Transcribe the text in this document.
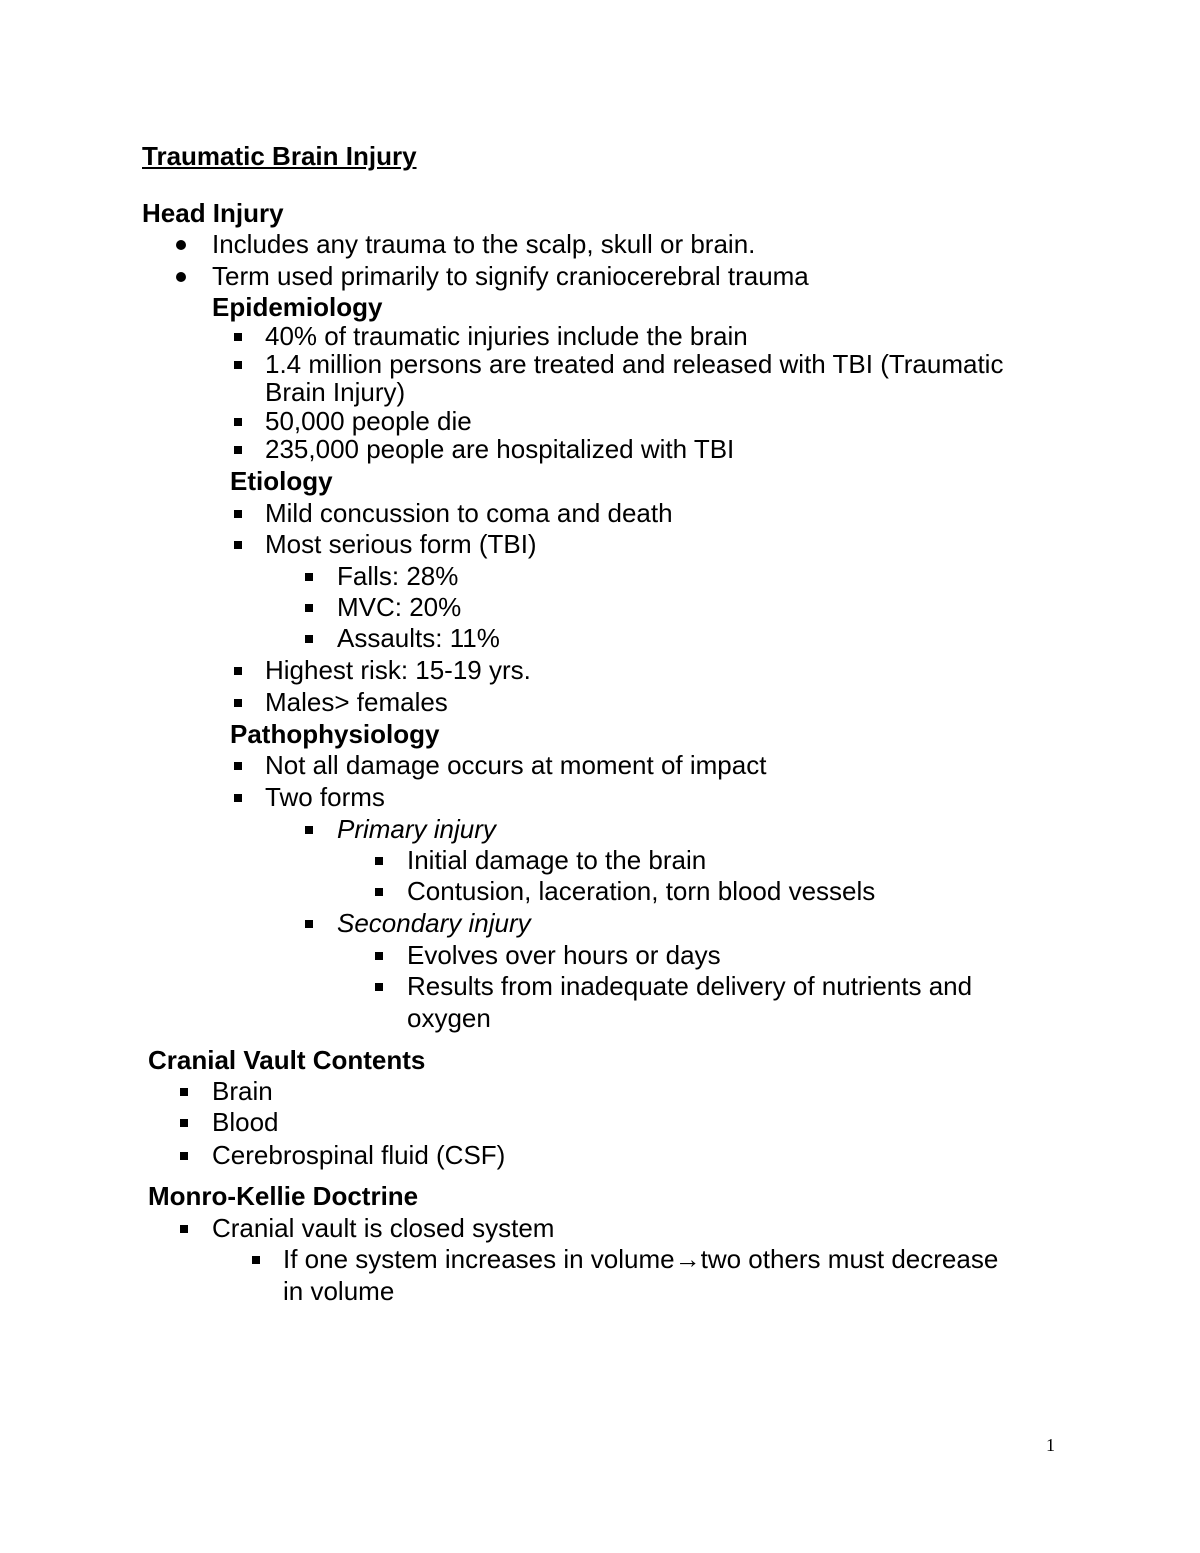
Traumatic Brain Injury
Head Injury
Includes any trauma to the scalp, skull or brain.
Term used primarily to signify craniocerebral trauma
Epidemiology
40% of traumatic injuries include the brain
1.4 million persons are treated and released with TBI (Traumatic
Brain Injury)
50,000 people die
235,000 people are hospitalized with TBI
Etiology
Mild concussion to coma and death
Most serious form (TBI)
Falls: 28%
MVC: 20%
Assaults: 11%
Highest risk: 15-19 yrs.
Males> females
Pathophysiology
Not all damage occurs at moment of impact
Two forms
Primary injury
Initial damage to the brain
Contusion, laceration, torn blood vessels
Secondary injury
Evolves over hours or days
Results from inadequate delivery of nutrients and
oxygen
Cranial Vault Contents
Brain
Blood
Cerebrospinal fluid (CSF)
Monro-Kellie Doctrine
Cranial vault is closed system
If one system increases in volume→two others must decrease
in volume
1
